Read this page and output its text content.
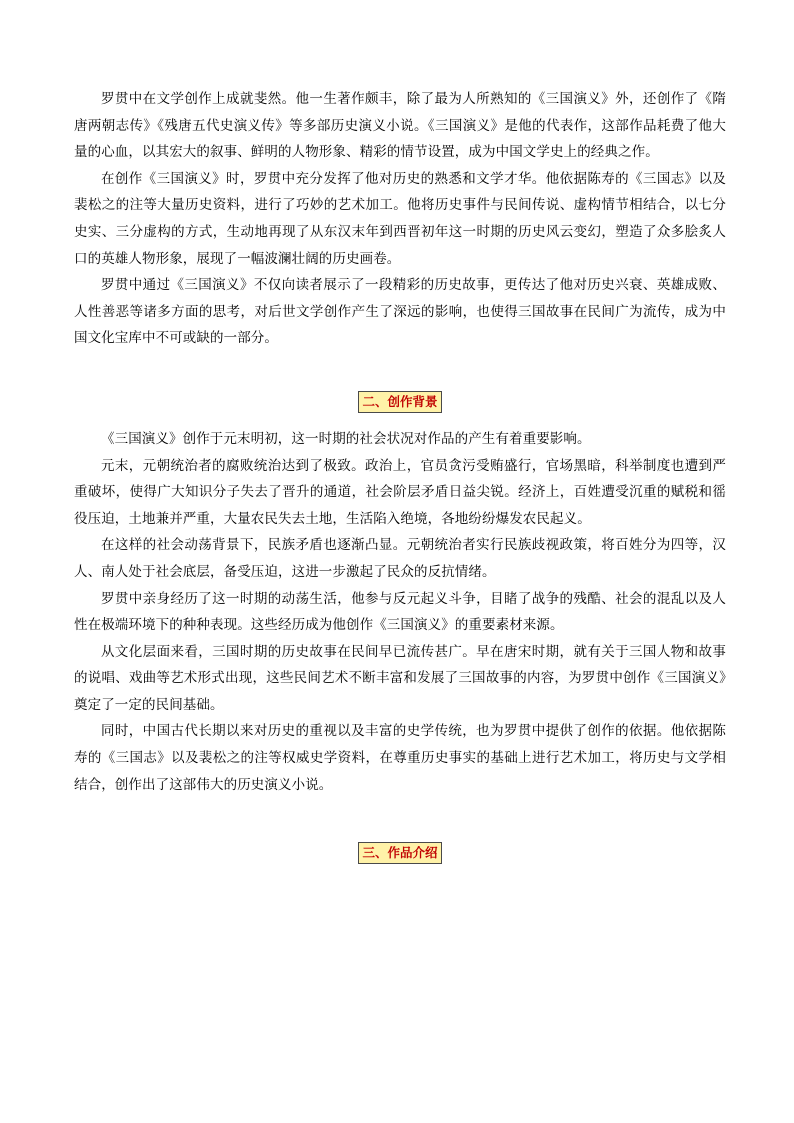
罗贯中在文学创作上成就斐然。他一生著作颇丰，除了最为人所熟知的《三国演义》外，还创作了《隋唐两朝志传》《残唐五代史演义传》等多部历史演义小说。《三国演义》是他的代表作，这部作品耗费了他大量的心血，以其宏大的叙事、鲜明的人物形象、精彩的情节设置，成为中国文学史上的经典之作。

在创作《三国演义》时，罗贯中充分发挥了他对历史的熟悉和文学才华。他依据陈寿的《三国志》以及裴松之的注等大量历史资料，进行了巧妙的艺术加工。他将历史事件与民间传说、虚构情节相结合，以七分史实、三分虚构的方式，生动地再现了从东汉末年到西晋初年这一时期的历史风云变幻，塑造了众多脍炙人口的英雄人物形象，展现了一幅波澜壮阔的历史画卷。

罗贯中通过《三国演义》不仅向读者展示了一段精彩的历史故事，更传达了他对历史兴衰、英雄成败、人性善恶等诸多方面的思考，对后世文学创作产生了深远的影响，也使得三国故事在民间广为流传，成为中国文化宝库中不可或缺的一部分。

二、创作背景

《三国演义》创作于元末明初，这一时期的社会状况对作品的产生有着重要影响。

元末，元朝统治者的腐败统治达到了极致。政治上，官员贪污受贿盛行，官场黑暗，科举制度也遭到严重破坏，使得广大知识分子失去了晋升的通道，社会阶层矛盾日益尖锐。经济上，百姓遭受沉重的赋税和徭役压迫，土地兼并严重，大量农民失去土地，生活陷入绝境，各地纷纷爆发农民起义。

在这样的社会动荡背景下，民族矛盾也逐渐凸显。元朝统治者实行民族歧视政策，将百姓分为四等，汉人、南人处于社会底层，备受压迫，这进一步激起了民众的反抗情绪。

罗贯中亲身经历了这一时期的动荡生活，他参与反元起义斗争，目睹了战争的残酷、社会的混乱以及人性在极端环境下的种种表现。这些经历成为他创作《三国演义》的重要素材来源。

从文化层面来看，三国时期的历史故事在民间早已流传甚广。早在唐宋时期，就有关于三国人物和故事的说唱、戏曲等艺术形式出现，这些民间艺术不断丰富和发展了三国故事的内容，为罗贯中创作《三国演义》奠定了一定的民间基础。

同时，中国古代长期以来对历史的重视以及丰富的史学传统，也为罗贯中提供了创作的依据。他依据陈寿的《三国志》以及裴松之的注等权威史学资料，在尊重历史事实的基础上进行艺术加工，将历史与文学相结合，创作出了这部伟大的历史演义小说。

三、作品介绍
